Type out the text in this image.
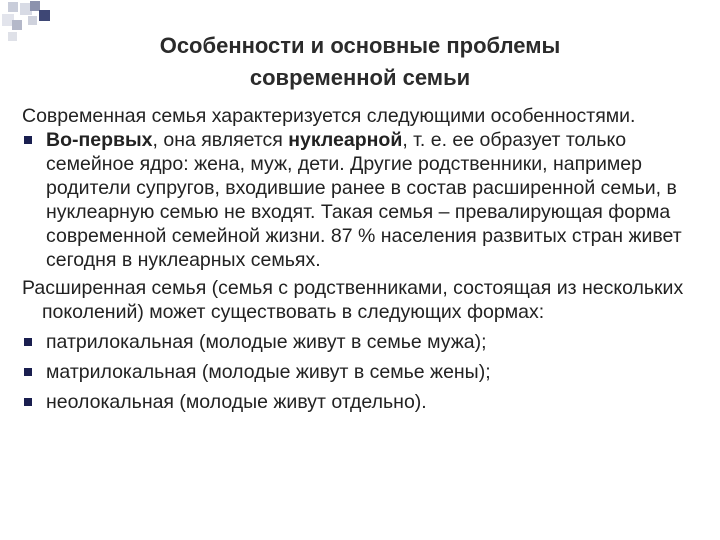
Особенности и основные проблемы
современной семьи

Современная семья характеризуется следующими особенностями.

Во-первых, она является нуклеарной, т. е. ее образует только семейное ядро: жена, муж, дети. Другие родственники, например родители супругов, входившие ранее в состав расширенной семьи, в нуклеарную семью не входят. Такая семья – превалирующая форма современной семейной жизни. 87 % населения развитых стран живет сегодня в нуклеарных семьях.

Расширенная семья (семья с родственниками, состоящая из нескольких поколений) может существовать в следующих формах:

патрилокальная (молодые живут в семье мужа);

матрилокальная (молодые живут в семье жены);

неолокальная (молодые живут отдельно).
